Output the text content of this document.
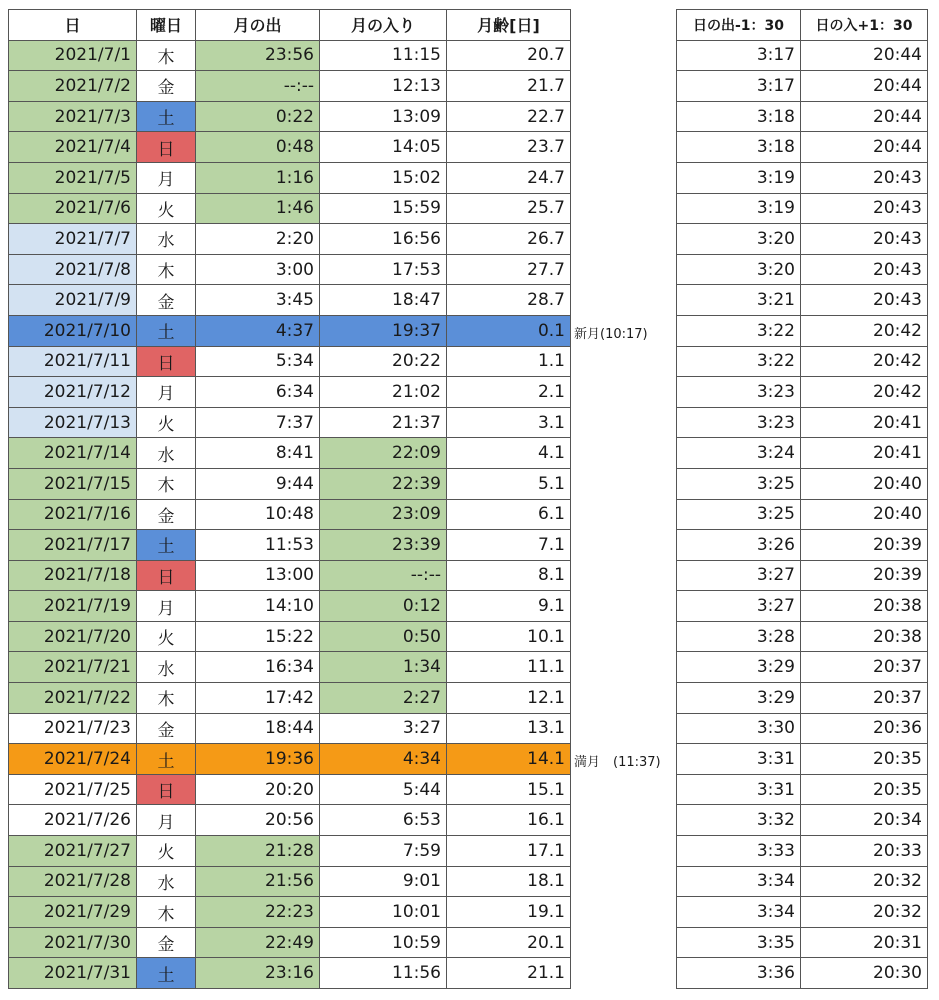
日	曜日	月の出	月の入り	月齢[日]
2021/7/1	木	23:56	11:15	20.7
2021/7/2	金	--:--	12:13	21.7
2021/7/3	土	0:22	13:09	22.7
2021/7/4	日	0:48	14:05	23.7
2021/7/5	月	1:16	15:02	24.7
2021/7/6	火	1:46	15:59	25.7
2021/7/7	水	2:20	16:56	26.7
2021/7/8	木	3:00	17:53	27.7
2021/7/9	金	3:45	18:47	28.7
2021/7/10	土	4:37	19:37	0.1
2021/7/11	日	5:34	20:22	1.1
2021/7/12	月	6:34	21:02	2.1
2021/7/13	火	7:37	21:37	3.1
2021/7/14	水	8:41	22:09	4.1
2021/7/15	木	9:44	22:39	5.1
2021/7/16	金	10:48	23:09	6.1
2021/7/17	土	11:53	23:39	7.1
2021/7/18	日	13:00	--:--	8.1
2021/7/19	月	14:10	0:12	9.1
2021/7/20	火	15:22	0:50	10.1
2021/7/21	水	16:34	1:34	11.1
2021/7/22	木	17:42	2:27	12.1
2021/7/23	金	18:44	3:27	13.1
2021/7/24	土	19:36	4:34	14.1
2021/7/25	日	20:20	5:44	15.1
2021/7/26	月	20:56	6:53	16.1
2021/7/27	火	21:28	7:59	17.1
2021/7/28	水	21:56	9:01	18.1
2021/7/29	木	22:23	10:01	19.1
2021/7/30	金	22:49	10:59	20.1
2021/7/31	土	23:16	11:56	21.1
日の出-1：30	日の入+1：30
3:17	20:44
3:17	20:44
3:18	20:44
3:18	20:44
3:19	20:43
3:19	20:43
3:20	20:43
3:20	20:43
3:21	20:43
3:22	20:42
3:22	20:42
3:23	20:42
3:23	20:41
3:24	20:41
3:25	20:40
3:25	20:40
3:26	20:39
3:27	20:39
3:27	20:38
3:28	20:38
3:29	20:37
3:29	20:37
3:30	20:36
3:31	20:35
3:31	20:35
3:32	20:34
3:33	20:33
3:34	20:32
3:34	20:32
3:35	20:31
3:36	20:30
新月(10:17)
満月　(11:37)
